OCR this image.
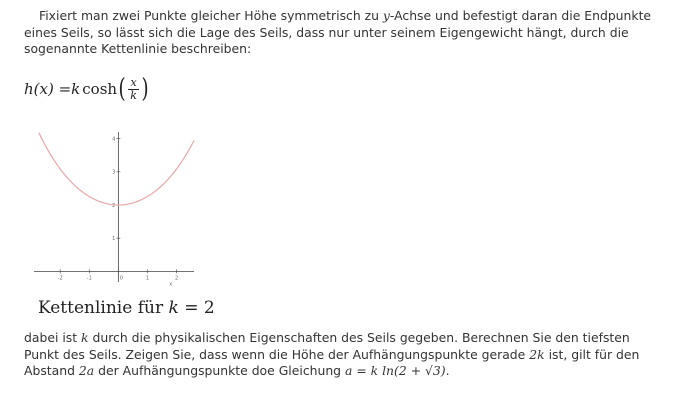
Fixiert man zwei Punkte gleicher Höhe symmetrisch zu y-Achse und befestigt daran die Endpunkte eines Seils, so lässt sich die Lage des Seils, dass nur unter seinem Eigengewicht hängt, durch die sogenannte Kettenlinie beschreiben:

h(x) = k cosh ( $\frac{x}{k}$ )
-2	-1	0	1	2
1
2
3
4
x
Kettenlinie für k = 2

dabei ist k durch die physikalischen Eigenschaften des Seils gegeben. Berechnen Sie den tiefsten Punkt des Seils. Zeigen Sie, dass wenn die Höhe der Aufhängungspunkte gerade 2k ist, gilt für den Abstand 2a der Aufhängungspunkte doe Gleichung a = k ln(2 + √3).
